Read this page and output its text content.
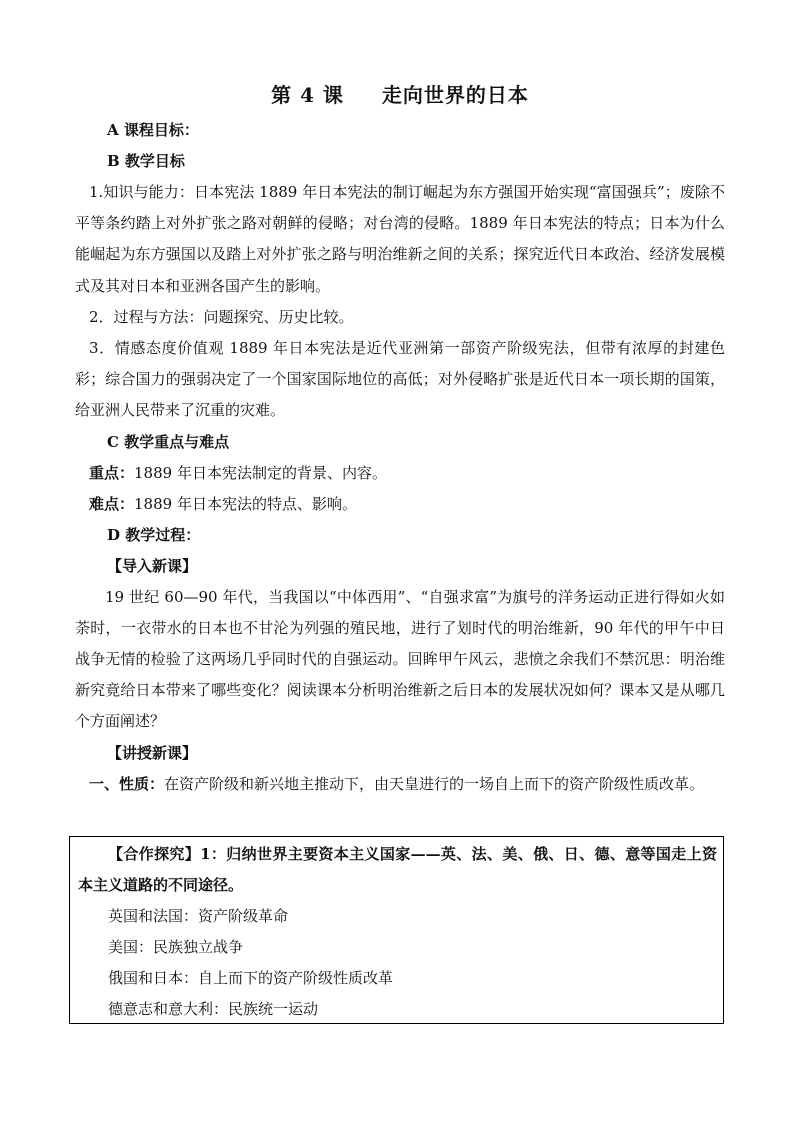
第 4 课 走向世界的日本

A 课程目标：

B 教学目标

1.知识与能力：日本宪法 1889 年日本宪法的制订崛起为东方强国开始实现“富国强兵”；废除不平等条约踏上对外扩张之路对朝鲜的侵略；对台湾的侵略。1889 年日本宪法的特点；日本为什么能崛起为东方强国以及踏上对外扩张之路与明治维新之间的关系；探究近代日本政治、经济发展模式及其对日本和亚洲各国产生的影响。

2．过程与方法：问题探究、历史比较。

3．情感态度价值观 1889 年日本宪法是近代亚洲第一部资产阶级宪法，但带有浓厚的封建色彩；综合国力的强弱决定了一个国家国际地位的高低；对外侵略扩张是近代日本一项长期的国策，给亚洲人民带来了沉重的灾难。

C 教学重点与难点

重点：1889 年日本宪法制定的背景、内容。

难点：1889 年日本宪法的特点、影响。

D 教学过程：

【导入新课】

19 世纪 60—90 年代，当我国以“中体西用”、“自强求富”为旗号的洋务运动正进行得如火如荼时，一衣带水的日本也不甘沦为列强的殖民地，进行了划时代的明治维新，90 年代的甲午中日战争无情的检验了这两场几乎同时代的自强运动。回眸甲午风云，悲愤之余我们不禁沉思：明治维新究竟给日本带来了哪些变化？阅读课本分析明治维新之后日本的发展状况如何？课本又是从哪几个方面阐述？

【讲授新课】

一、性质：在资产阶级和新兴地主推动下，由天皇进行的一场自上而下的资产阶级性质改革。

【合作探究】1：归纳世界主要资本主义国家——英、法、美、俄、日、德、意等国走上资本主义道路的不同途径。

英国和法国：资产阶级革命

美国：民族独立战争

俄国和日本：自上而下的资产阶级性质改革

德意志和意大利：民族统一运动
